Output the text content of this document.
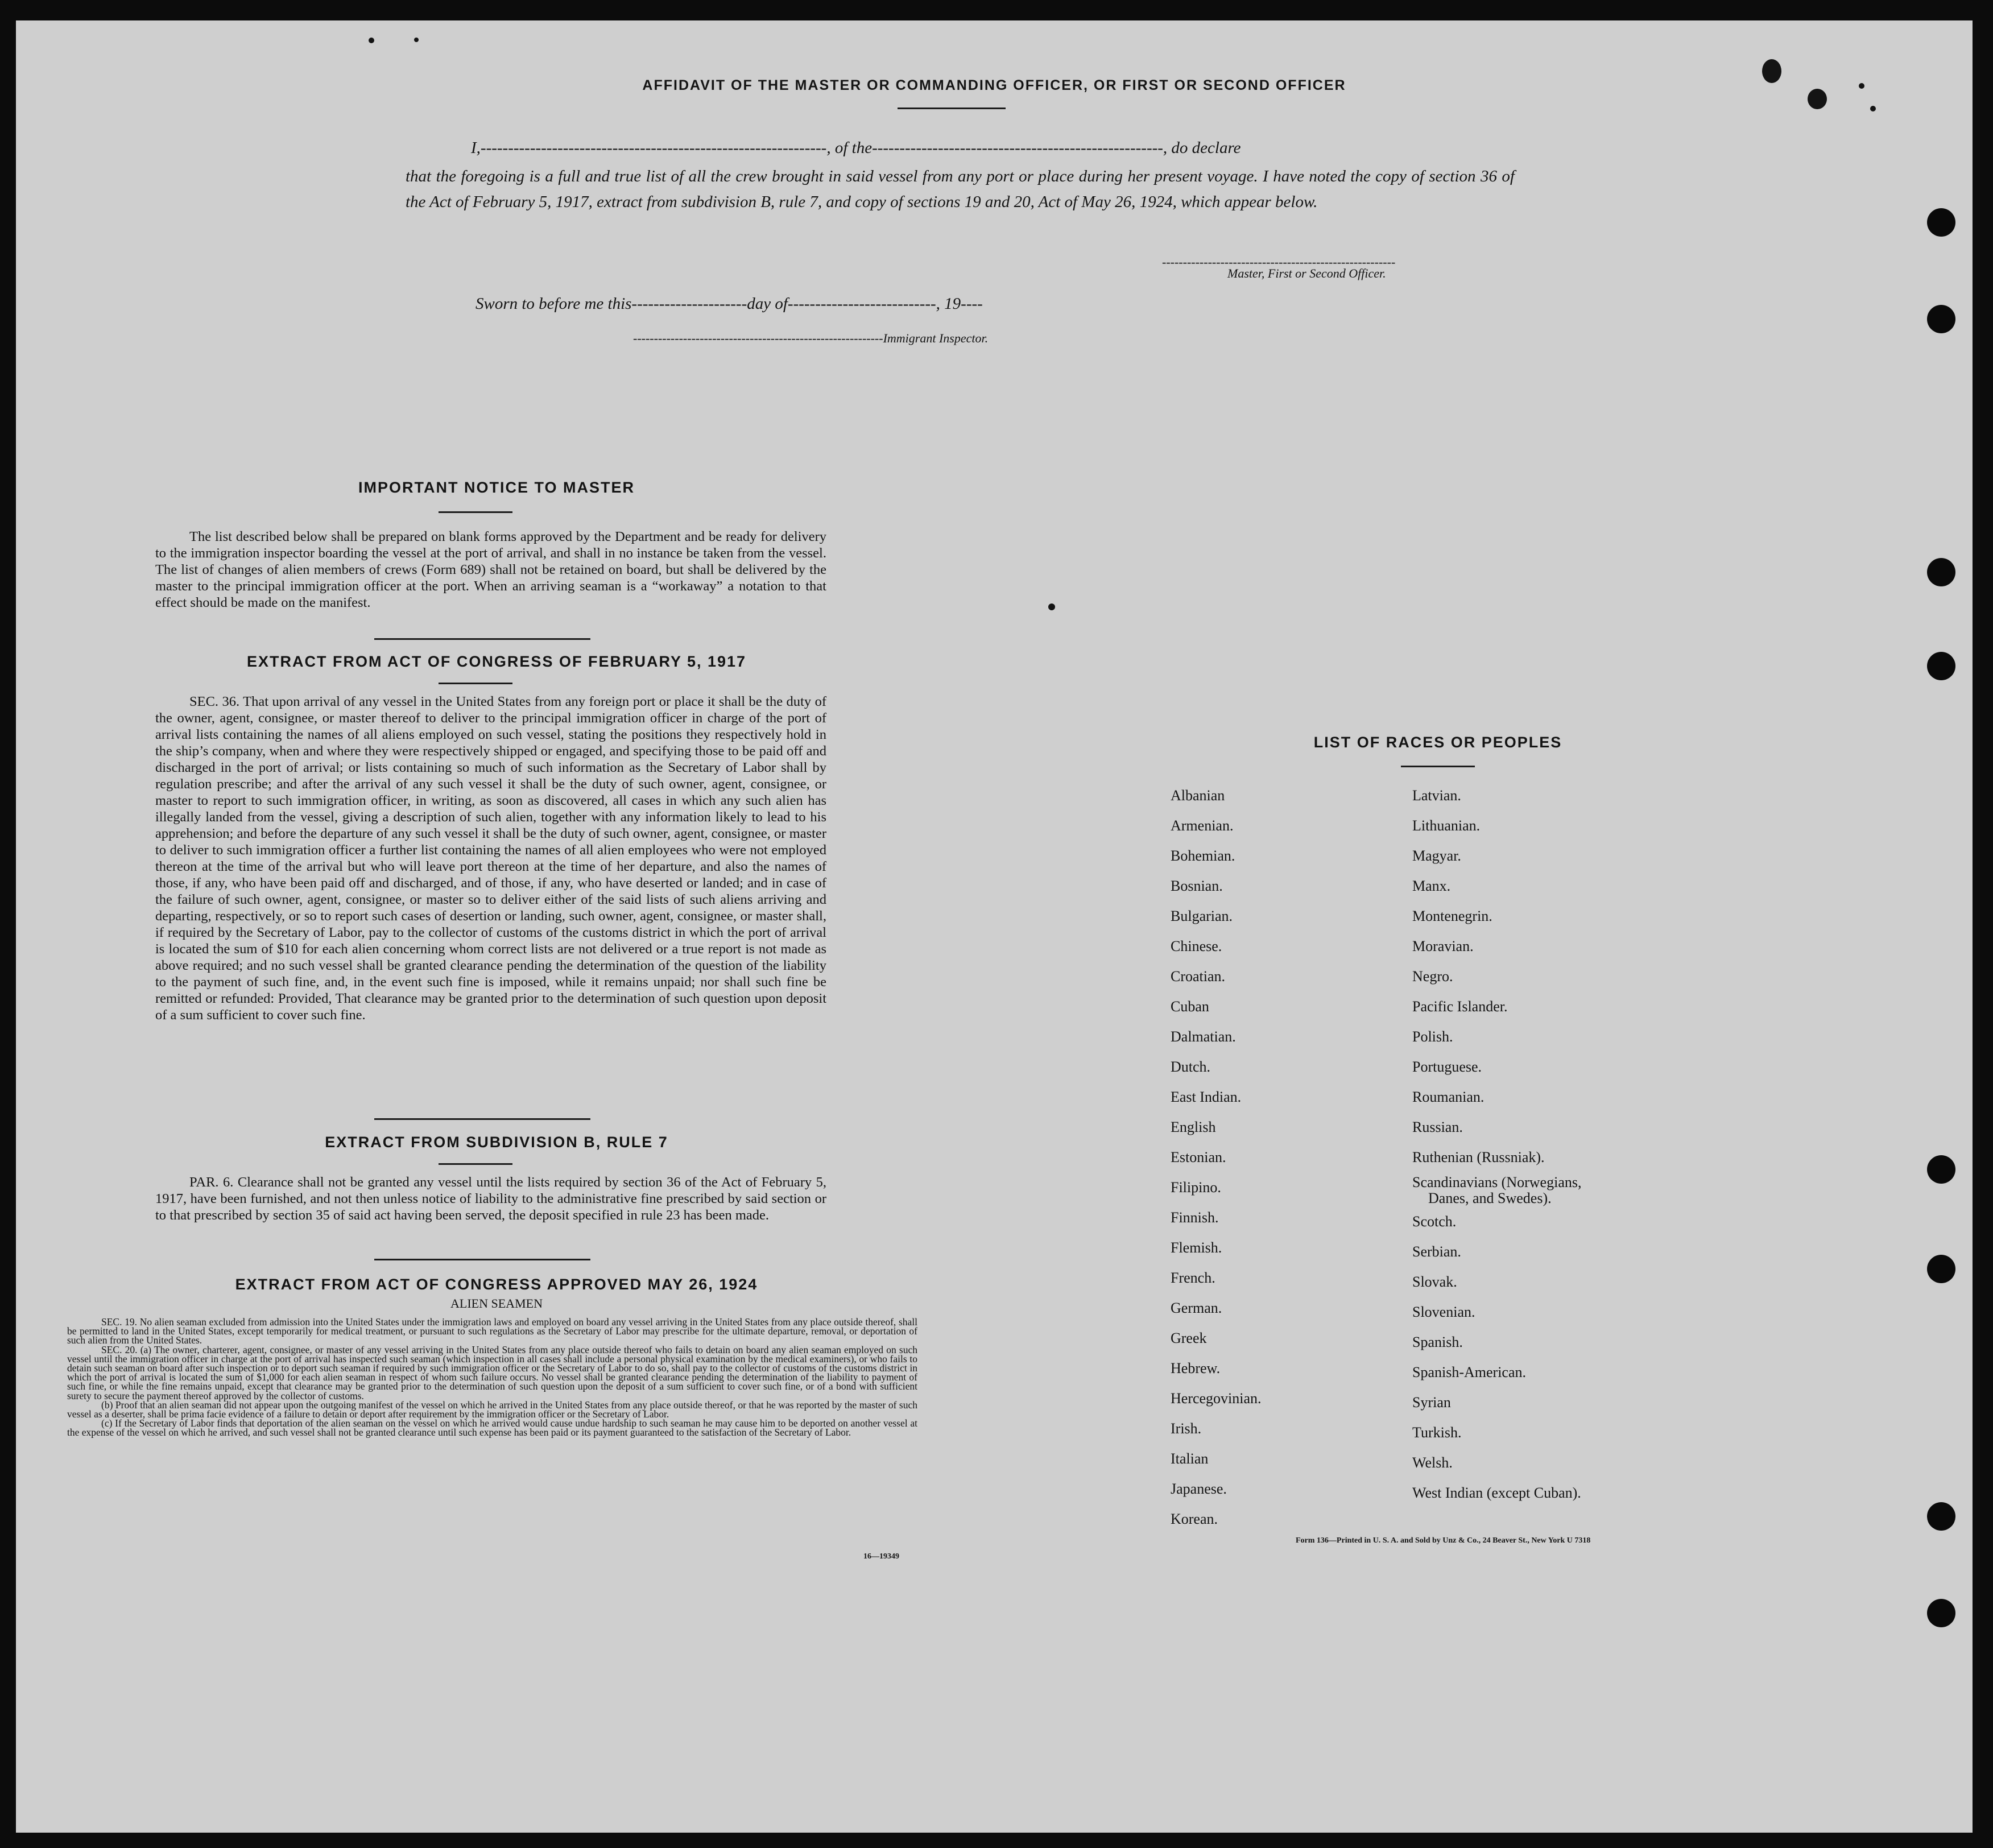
AFFIDAVIT OF THE MASTER OR COMMANDING OFFICER, OR FIRST OR SECOND OFFICER
I,---------------------------------------------------------------, of the-----------------------------------------------------, do declare
that the foregoing is a full and true list of all the crew brought in said vessel from any port or place during her present voyage. I have noted the copy of section 36 of the Act of February 5, 1917, extract from subdivision B, rule 7, and copy of sections 19 and 20, Act of May 26, 1924, which appear below.
--------------------------------------------------------
Master, First or Second Officer.
Sworn to before me this---------------------day of---------------------------, 19----
------------------------------------------------------------Immigrant Inspector.
IMPORTANT NOTICE TO MASTER
The list described below shall be prepared on blank forms approved by the Department and be ready for delivery to the immigration inspector boarding the vessel at the port of arrival, and shall in no instance be taken from the vessel. The list of changes of alien members of crews (Form 689) shall not be retained on board, but shall be delivered by the master to the principal immigration officer at the port. When an arriving seaman is a “workaway” a notation to that effect should be made on the manifest.
EXTRACT FROM ACT OF CONGRESS OF FEBRUARY 5, 1917
SEC. 36. That upon arrival of any vessel in the United States from any foreign port or place it shall be the duty of the owner, agent, consignee, or master thereof to deliver to the principal immigration officer in charge of the port of arrival lists containing the names of all aliens employed on such vessel, stating the positions they respectively hold in the ship’s company, when and where they were respectively shipped or engaged, and specifying those to be paid off and discharged in the port of arrival; or lists containing so much of such information as the Secretary of Labor shall by regulation prescribe; and after the arrival of any such vessel it shall be the duty of such owner, agent, consignee, or master to report to such immigration officer, in writing, as soon as discovered, all cases in which any such alien has illegally landed from the vessel, giving a description of such alien, together with any information likely to lead to his apprehension; and before the departure of any such vessel it shall be the duty of such owner, agent, consignee, or master to deliver to such immigration officer a further list containing the names of all alien employees who were not employed thereon at the time of the arrival but who will leave port thereon at the time of her departure, and also the names of those, if any, who have been paid off and discharged, and of those, if any, who have deserted or landed; and in case of the failure of such owner, agent, consignee, or master so to deliver either of the said lists of such aliens arriving and departing, respectively, or so to report such cases of desertion or landing, such owner, agent, consignee, or master shall, if required by the Secretary of Labor, pay to the collector of customs of the customs district in which the port of arrival is located the sum of $10 for each alien concerning whom correct lists are not delivered or a true report is not made as above required; and no such vessel shall be granted clearance pending the determination of the question of the liability to the payment of such fine, and, in the event such fine is imposed, while it remains unpaid; nor shall such fine be remitted or refunded: Provided, That clearance may be granted prior to the determination of such question upon deposit of a sum sufficient to cover such fine.
EXTRACT FROM SUBDIVISION B, RULE 7
PAR. 6. Clearance shall not be granted any vessel until the lists required by section 36 of the Act of February 5, 1917, have been furnished, and not then unless notice of liability to the administrative fine prescribed by said section or to that prescribed by section 35 of said act having been served, the deposit specified in rule 23 has been made.
EXTRACT FROM ACT OF CONGRESS APPROVED MAY 26, 1924
ALIEN SEAMEN

SEC. 19. No alien seaman excluded from admission into the United States under the immigration laws and employed on board any vessel arriving in the United States from any place outside thereof, shall be permitted to land in the United States, except temporarily for medical treatment, or pursuant to such regulations as the Secretary of Labor may prescribe for the ultimate departure, removal, or deportation of such alien from the United States.

SEC. 20. (a) The owner, charterer, agent, consignee, or master of any vessel arriving in the United States from any place outside thereof who fails to detain on board any alien seaman employed on such vessel until the immigration officer in charge at the port of arrival has inspected such seaman (which inspection in all cases shall include a personal physical examination by the medical examiners), or who fails to detain such seaman on board after such inspection or to deport such seaman if required by such immigration officer or the Secretary of Labor to do so, shall pay to the collector of customs of the customs district in which the port of arrival is located the sum of $1,000 for each alien seaman in respect of whom such failure occurs. No vessel shall be granted clearance pending the determination of the liability to payment of such fine, or while the fine remains unpaid, except that clearance may be granted prior to the determination of such question upon the deposit of a sum sufficient to cover such fine, or of a bond with sufficient surety to secure the payment thereof approved by the collector of customs.

(b) Proof that an alien seaman did not appear upon the outgoing manifest of the vessel on which he arrived in the United States from any place outside thereof, or that he was reported by the master of such vessel as a deserter, shall be prima facie evidence of a failure to detain or deport after requirement by the immigration officer or the Secretary of Labor.

(c) If the Secretary of Labor finds that deportation of the alien seaman on the vessel on which he arrived would cause undue hardship to such seaman he may cause him to be deported on another vessel at the expense of the vessel on which he arrived, and such vessel shall not be granted clearance until such expense has been paid or its payment guaranteed to the satisfaction of the Secretary of Labor.

16—19349
LIST OF RACES OR PEOPLES
Albanian
Armenian.
Bohemian.
Bosnian.
Bulgarian.
Chinese.
Croatian.
Cuban
Dalmatian.
Dutch.
East Indian.
English
Estonian.
Filipino.
Finnish.
Flemish.
French.
German.
Greek
Hebrew.
Hercegovinian.
Irish.
Italian
Japanese.
Korean.
Latvian.
Lithuanian.
Magyar.
Manx.
Montenegrin.
Moravian.
Negro.
Pacific Islander.
Polish.
Portuguese.
Roumanian.
Russian.
Ruthenian (Russniak).
Scandinavians (Norwegians,
Danes, and Swedes).
Scotch.
Serbian.
Slovak.
Slovenian.
Spanish.
Spanish-American.
Syrian
Turkish.
Welsh.
West Indian (except Cuban).
Form 136—Printed in U. S. A. and Sold by Unz & Co., 24 Beaver St., New York U 7318
